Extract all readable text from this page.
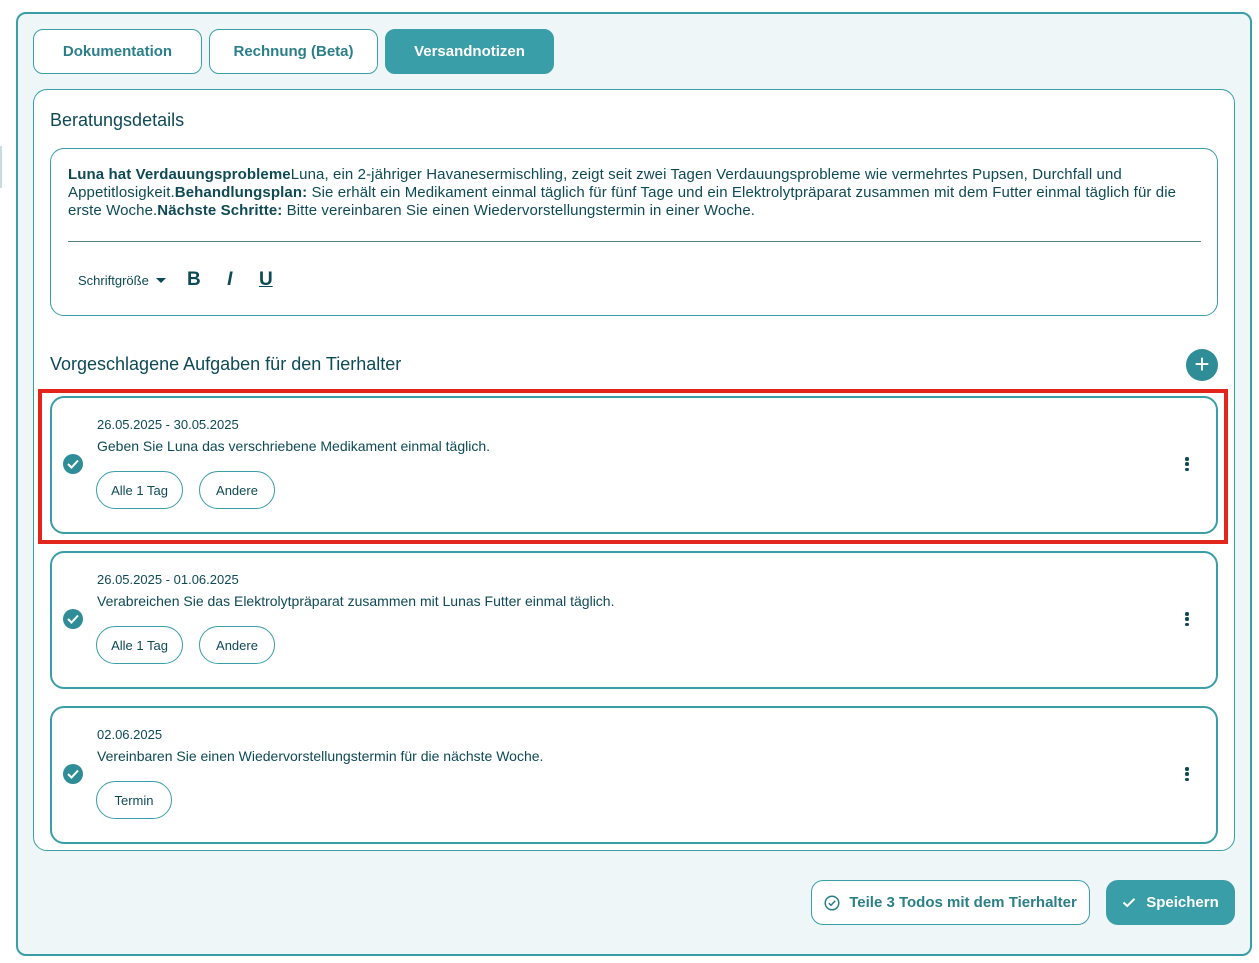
Dokumentation	Rechnung (Beta)	Versandnotizen
Beratungsdetails
Luna hat VerdauungsproblemeLuna, ein 2-jähriger Havanesermischling, zeigt seit zwei Tagen Verdauungsprobleme wie vermehrtes Pupsen, Durchfall und Appetitlosigkeit.Behandlungsplan: Sie erhält ein Medikament einmal täglich für fünf Tage und ein Elektrolytpräparat zusammen mit dem Futter einmal täglich für die erste Woche.Nächste Schritte: Bitte vereinbaren Sie einen Wiedervorstellungstermin in einer Woche.
Schriftgröße B I U
Vorgeschlagene Aufgaben für den Tierhalter	+
26.05.2025 - 30.05.2025
Geben Sie Luna das verschriebene Medikament einmal täglich.
Alle 1 Tag	Andere
26.05.2025 - 01.06.2025
Verabreichen Sie das Elektrolytpräparat zusammen mit Lunas Futter einmal täglich.
Alle 1 Tag	Andere
02.06.2025
Vereinbaren Sie einen Wiedervorstellungstermin für die nächste Woche.
Termin
Teile 3 Todos mit dem Tierhalter	Speichern
